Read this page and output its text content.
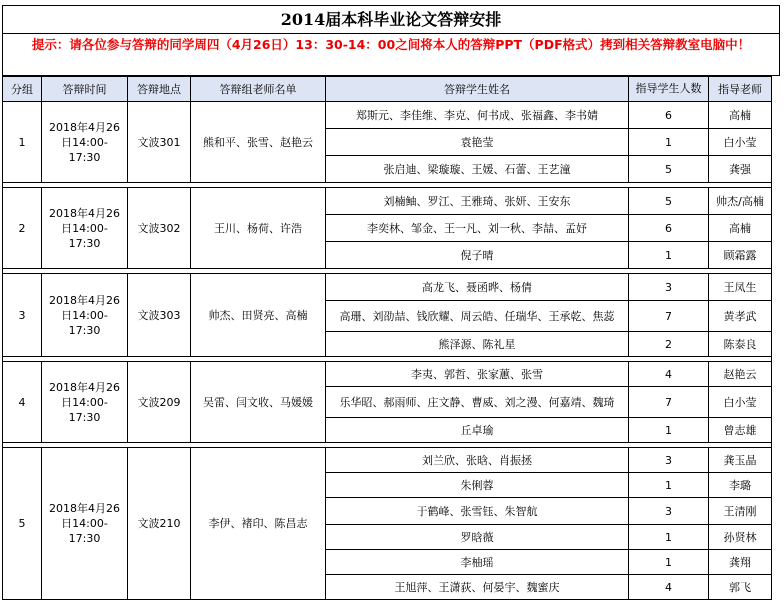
2014届本科毕业论文答辩安排
提示：请各位参与答辩的同学周四（4月26日）13：30-14：00之间将本人的答辩PPT（PDF格式）拷到相关答辩教室电脑中！
分组	答辩时间	答辩地点	答辩组老师名单	答辩学生姓名	指导学生人数	指导老师
1	2018年4月26日14:00-17:30	文波301	熊和平、张雪、赵艳云	郑斯元、李佳维、李克、何书成、张福鑫、李书婧	6	高楠
				袁艳莹	1	白小莹
				张启迪、梁璇璇、王媛、石蕾、王艺潼	5	龚强

2	2018年4月26日14:00-17:30	文波302	王川、杨荷、许浩	刘楠鲉、罗江、王雅琦、张妍、王安东	5	帅杰/高楠
				李奕林、邹金、王一凡、刘一秋、李喆、孟妤	6	高楠
				倪子晴	1	顾霜露

3	2018年4月26日14:00-17:30	文波303	帅杰、田贤亮、高楠	高龙飞、聂函晔、杨倩	3	王凤生
				高珊、刘劭喆、钱欣耀、周云皓、任瑞华、王承乾、焦蕊	7	黄孝武
				熊泽源、陈礼星	2	陈泰良

4	2018年4月26日14:00-17:30	文波209	吴雷、闫文收、马媛媛	李夷、郭哲、张家蕙、张雪	4	赵艳云
				乐华昭、郝雨师、庄文静、曹威、刘之漫、何嘉靖、魏琦	7	白小莹
				丘卓瑜	1	曾志雄

5	2018年4月26日14:00-17:30	文波210	李伊、褚印、陈昌志	刘兰欣、张晗、肖振拯	3	龚玉晶
				朱俐蓉	1	李璐
				于鹤峰、张雪钰、朱智航	3	王清刚
				罗晗薇	1	孙贤林
				李柚瑶	1	龚翔
				王旭萍、王潇荻、何晏宇、魏蜜庆	4	郭飞
